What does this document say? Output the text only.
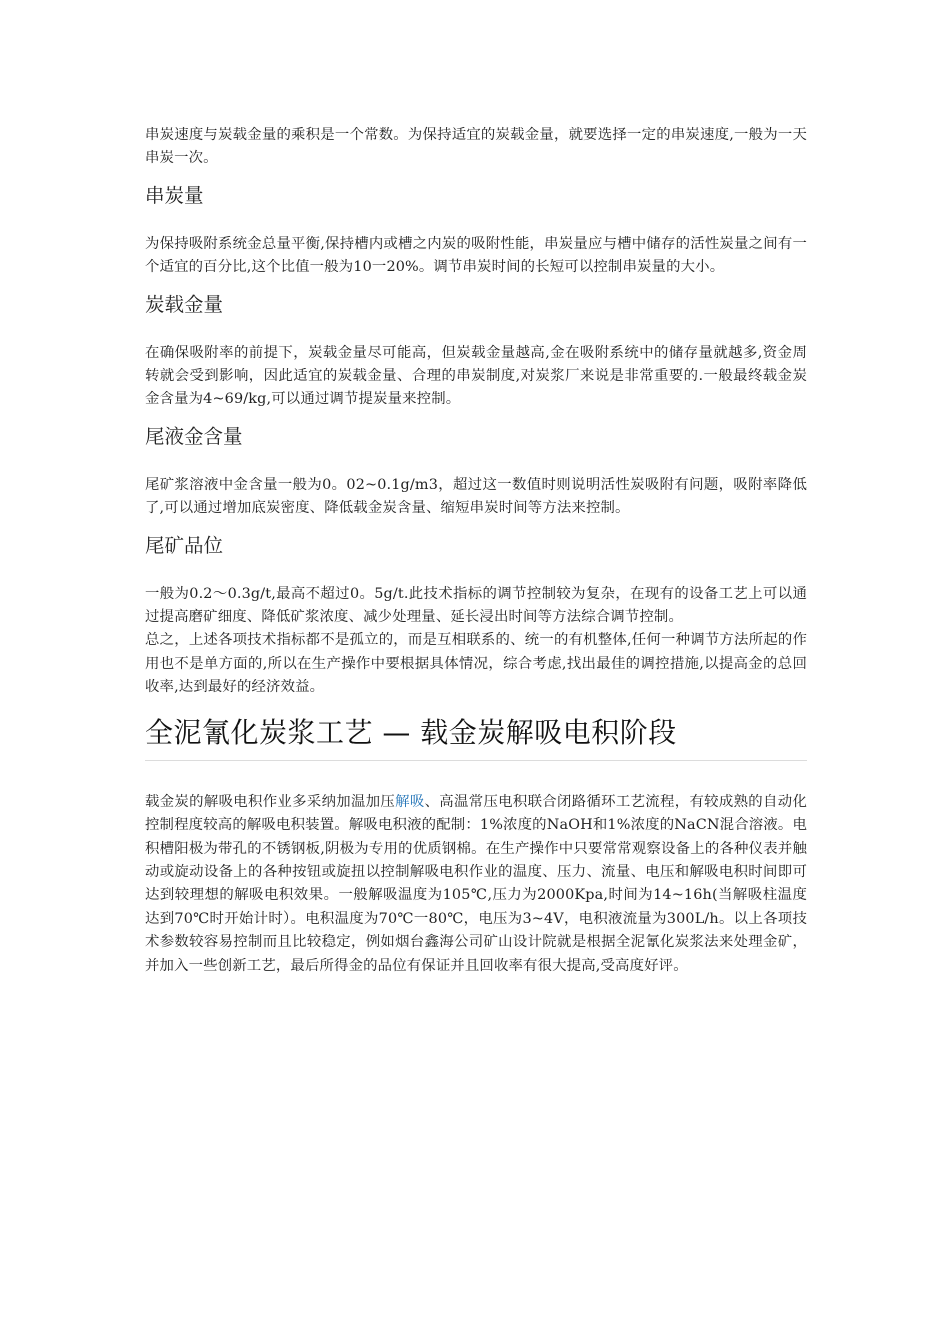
串炭速度与炭载金量的乘积是一个常数。为保持适宜的炭载金量，就要选择一定的串炭速度,一般为一天串炭一次。

串炭量

为保持吸附系统金总量平衡,保持槽内或槽之内炭的吸附性能，串炭量应与槽中储存的活性炭量之间有一个适宜的百分比,这个比值一般为10一20%。调节串炭时间的长短可以控制串炭量的大小。

炭载金量

在确保吸附率的前提下，炭载金量尽可能高，但炭载金量越高,金在吸附系统中的储存量就越多,资金周转就会受到影响，因此适宜的炭载金量、合理的串炭制度,对炭浆厂来说是非常重要的.一般最终载金炭金含量为4~69/kg,可以通过调节提炭量来控制。

尾液金含量

尾矿浆溶液中金含量一般为0。02~0.1g/m3，超过这一数值时则说明活性炭吸附有问题，吸附率降低了,可以通过增加底炭密度、降低载金炭含量、缩短串炭时间等方法来控制。

尾矿品位

一般为0.2～0.3g/t,最高不超过0。5g/t.此技术指标的调节控制较为复杂，在现有的设备工艺上可以通过提高磨矿细度、降低矿浆浓度、减少处理量、延长浸出时间等方法综合调节控制。

总之，上述各项技术指标都不是孤立的，而是互相联系的、统一的有机整体,任何一种调节方法所起的作用也不是单方面的,所以在生产操作中要根据具体情况，综合考虑,找出最佳的调控措施,以提高金的总回收率,达到最好的经济效益。

全泥氰化炭浆工艺 — 载金炭解吸电积阶段

载金炭的解吸电积作业多采纳加温加压解吸、高温常压电积联合闭路循环工艺流程，有较成熟的自动化控制程度较高的解吸电积装置。解吸电积液的配制：1%浓度的NaOH和1%浓度的NaCN混合溶液。电积槽阳极为带孔的不锈钢板,阴极为专用的优质钢棉。在生产操作中只要常常观察设备上的各种仪表并触动或旋动设备上的各种按钮或旋扭以控制解吸电积作业的温度、压力、流量、电压和解吸电积时间即可达到较理想的解吸电积效果。一般解吸温度为105℃,压力为2000Kpa,时间为14~16h(当解吸柱温度达到70℃时开始计时）。电积温度为70℃一80℃，电压为3~4V，电积液流量为300L/h。以上各项技术参数较容易控制而且比较稳定，例如烟台鑫海公司矿山设计院就是根据全泥氰化炭浆法来处理金矿，并加入一些创新工艺，最后所得金的品位有保证并且回收率有很大提高,受高度好评。
